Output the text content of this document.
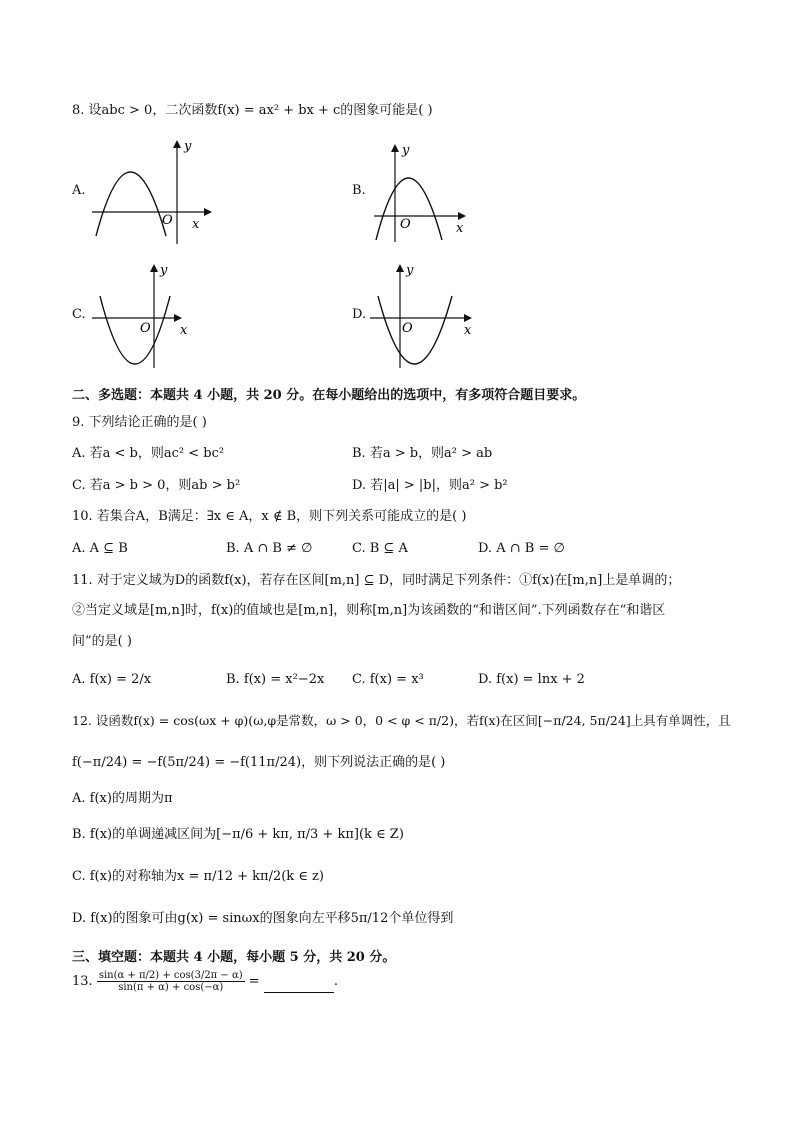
8. 设abc > 0，二次函数f(x) = ax² + bx + c的图象可能是( )
A.
y
O x
B.
y
O	x
C.
y
O x
D.
y
O	x
二、多选题：本题共 4 小题，共 20 分。在每小题给出的选项中，有多项符合题目要求。
9. 下列结论正确的是( )
A. 若a < b，则ac² < bc²	B. 若a > b，则a² > ab
C. 若a > b > 0，则ab > b²	D. 若|a| > |b|，则a² > b²
10. 若集合A，B满足：∃x ∈ A，x ∉ B，则下列关系可能成立的是( )
A. A ⊆ B	B. A ∩ B ≠ ∅	C. B ⊆ A	D. A ∩ B = ∅
11. 对于定义域为D的函数f(x)，若存在区间[m,n] ⊆ D，同时满足下列条件：①f(x)在[m,n]上是单调的；
②当定义域是[m,n]时，f(x)的值域也是[m,n]，则称[m,n]为该函数的“和谐区间”.下列函数存在“和谐区
间”的是( )
A. f(x) = 2/x	B. f(x) = x²−2x C. f(x) = x³	D. f(x) = lnx + 2
12. 设函数f(x) = cos(ωx + φ)(ω,φ是常数，ω > 0，0 < φ < π/2)，若f(x)在区间[−π/24, 5π/24]上具有单调性，且
f(−π/24) = −f(5π/24) = −f(11π/24)，则下列说法正确的是( )
A. f(x)的周期为π
B. f(x)的单调递减区间为[−π/6 + kπ, π/3 + kπ](k ∈ Z)
C. f(x)的对称轴为x = π/12 + kπ/2(k ∈ z)
D. f(x)的图象可由g(x) = sinωx的图象向左平移5π/12个单位得到
三、填空题：本题共 4 小题，每小题 5 分，共 20 分。
13. $\frac{\sin(\alpha + \pi/2) + \cos(3/2\pi - \alpha)}{\sin(\pi + \alpha) + \cos(-\alpha)}$ =	.
